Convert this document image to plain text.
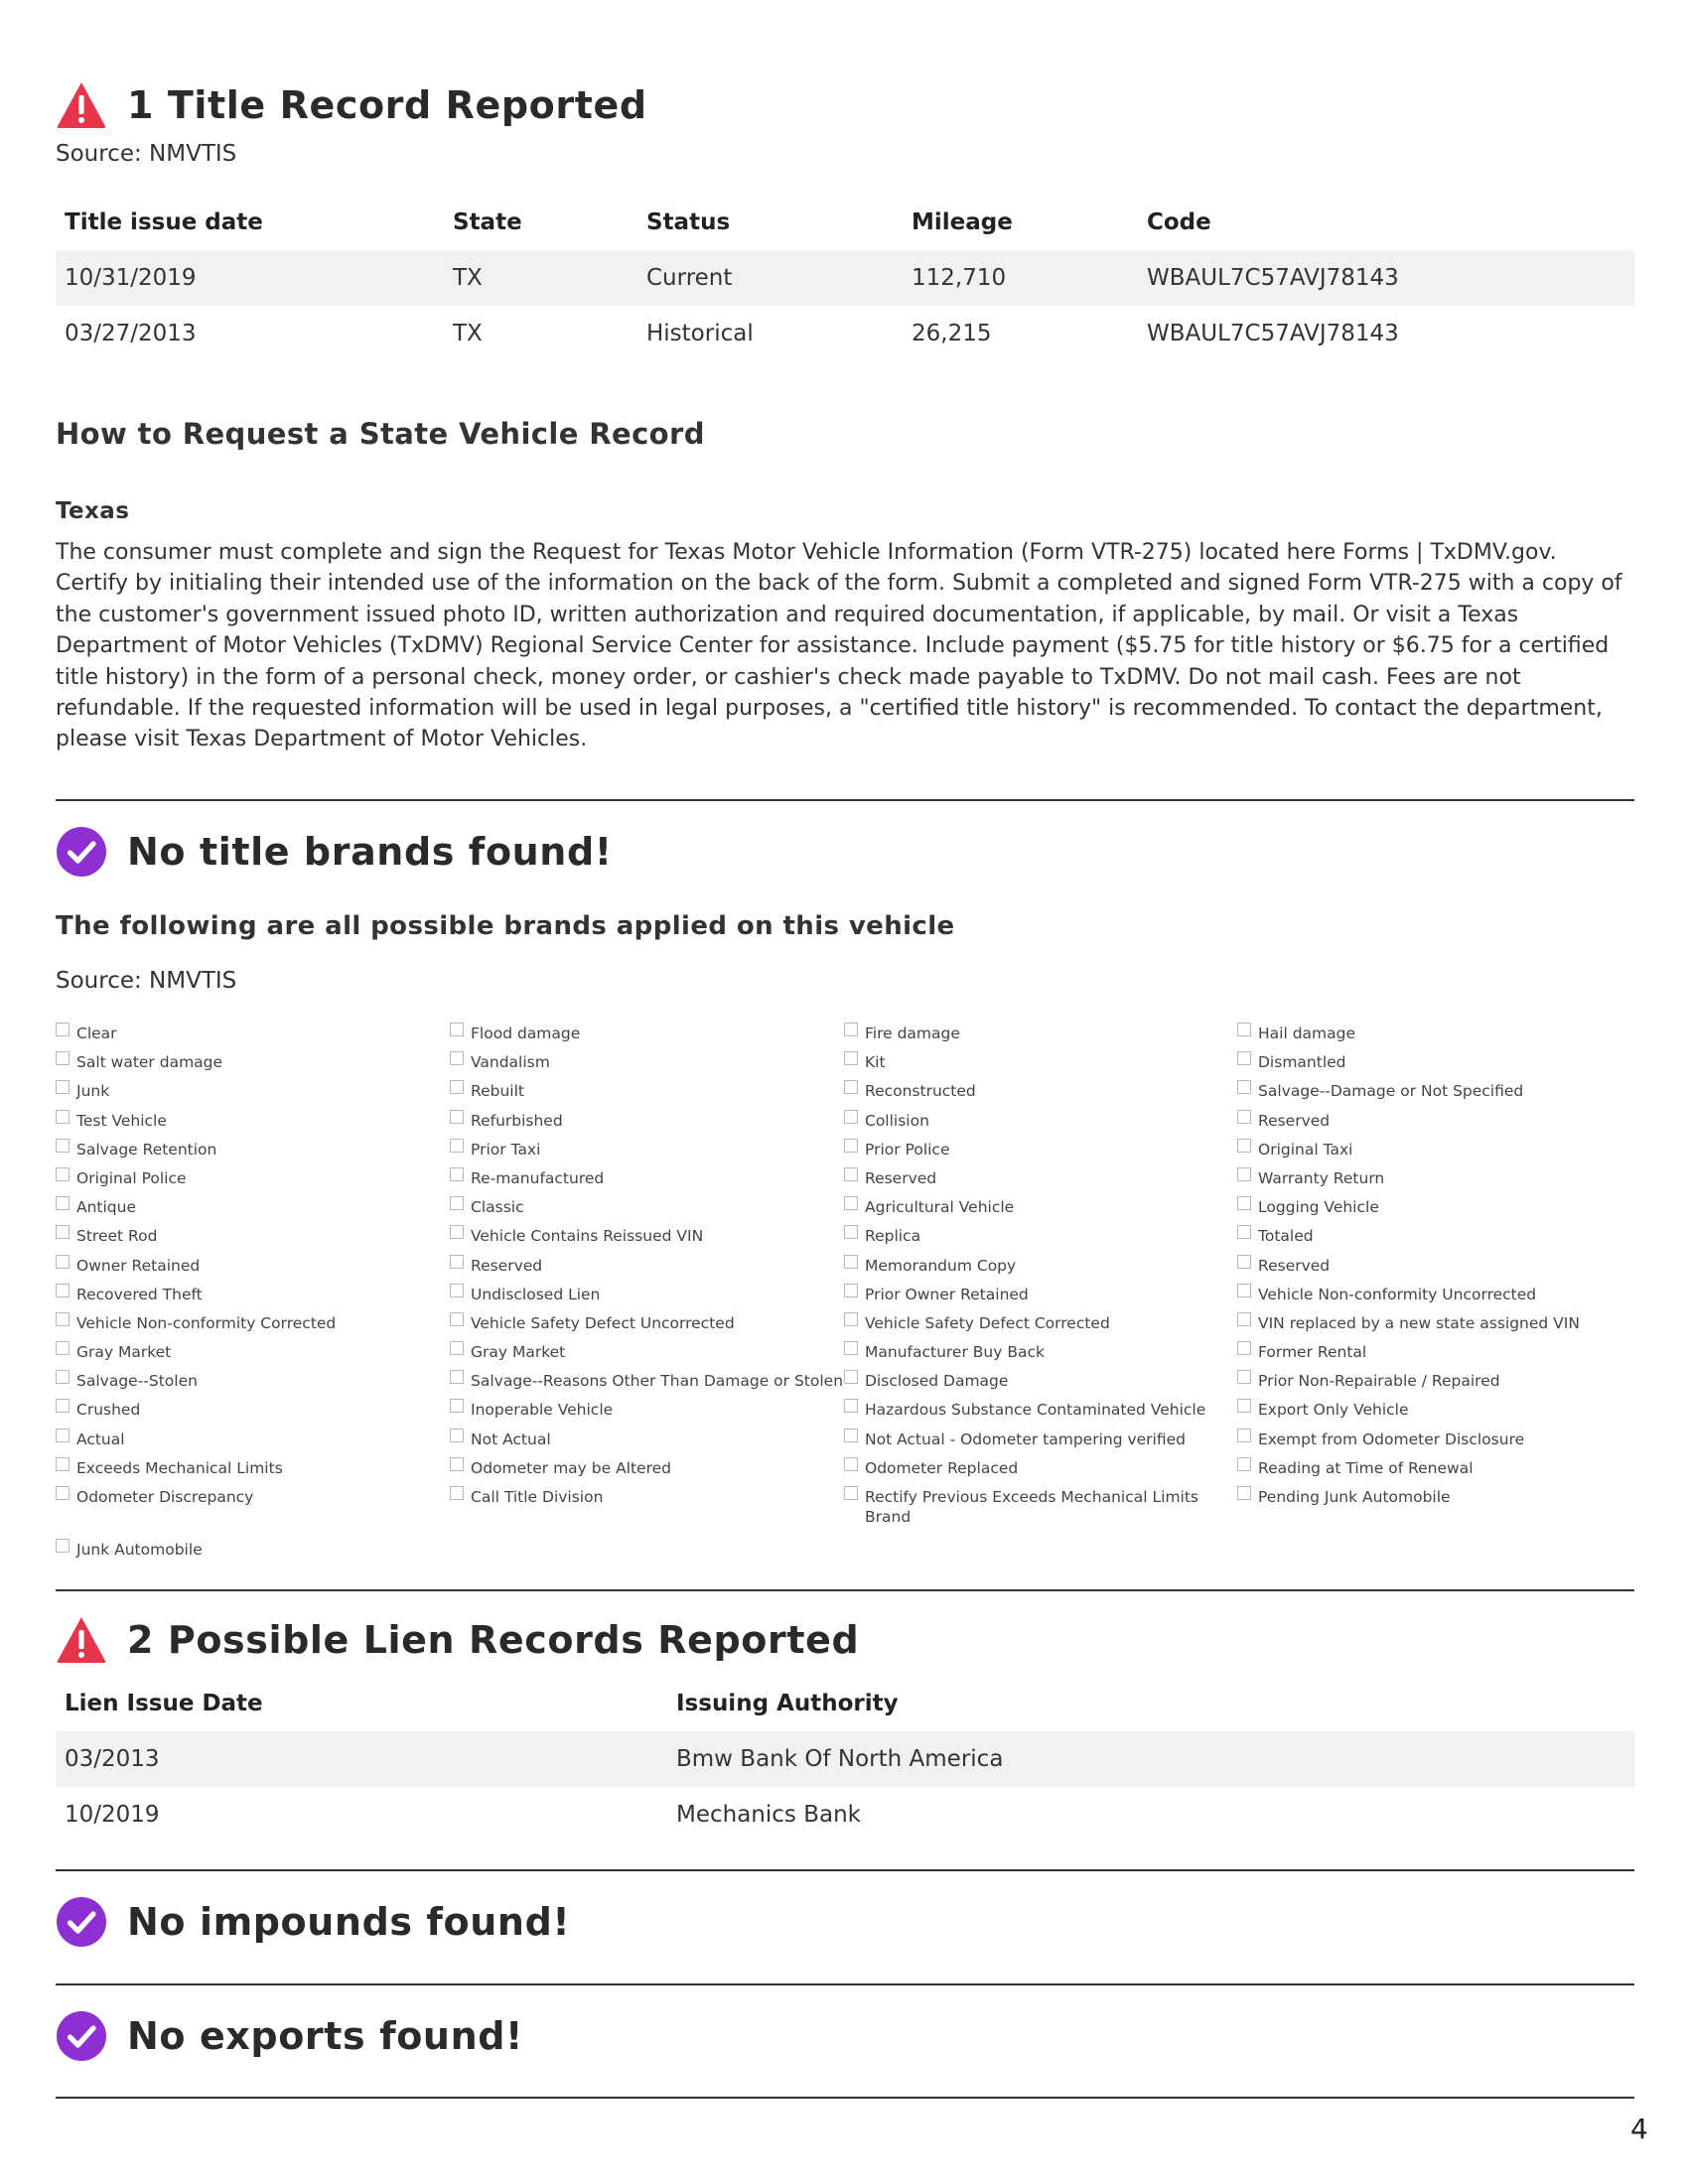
1 Title Record Reported
Source: NMVTIS
Title issue date	State	Status	Mileage	Code
10/31/2019	TX	Current	112,710	WBAUL7C57AVJ78143
03/27/2013	TX	Historical	26,215	WBAUL7C57AVJ78143
How to Request a State Vehicle Record
Texas

The consumer must complete and sign the Request for Texas Motor Vehicle Information (Form VTR-275) located here Forms | TxDMV.gov. Certify by initialing their intended use of the information on the back of the form. Submit a completed and signed Form VTR-275 with a copy of the customer's government issued photo ID, written authorization and required documentation, if applicable, by mail. Or visit a Texas Department of Motor Vehicles (TxDMV) Regional Service Center for assistance. Include payment ($5.75 for title history or $6.75 for a certified title history) in the form of a personal check, money order, or cashier's check made payable to TxDMV. Do not mail cash. Fees are not refundable. If the requested information will be used in legal purposes, a "certified title history" is recommended. To contact the department, please visit Texas Department of Motor Vehicles.

No title brands found!
The following are all possible brands applied on this vehicle
Source: NMVTIS
Clear
Salt water damage
Junk
Test Vehicle
Salvage Retention
Original Police
Antique
Street Rod
Owner Retained
Recovered Theft
Vehicle Non-conformity Corrected
Gray Market
Salvage--Stolen
Crushed
Actual
Exceeds Mechanical Limits
Odometer Discrepancy
Flood damage
Vandalism
Rebuilt
Refurbished
Prior Taxi
Re-manufactured
Classic
Vehicle Contains Reissued VIN
Reserved
Undisclosed Lien
Vehicle Safety Defect Uncorrected
Gray Market
Salvage--Reasons Other Than Damage or Stolen
Inoperable Vehicle
Not Actual
Odometer may be Altered
Call Title Division
Fire damage
Kit
Reconstructed
Collision
Prior Police
Reserved
Agricultural Vehicle
Replica
Memorandum Copy
Prior Owner Retained
Vehicle Safety Defect Corrected
Manufacturer Buy Back
Disclosed Damage
Hazardous Substance Contaminated Vehicle
Not Actual - Odometer tampering verified
Odometer Replaced
Rectify Previous Exceeds Mechanical Limits Brand
Hail damage
Dismantled
Salvage--Damage or Not Specified
Reserved
Original Taxi
Warranty Return
Logging Vehicle
Totaled
Reserved
Vehicle Non-conformity Uncorrected
VIN replaced by a new state assigned VIN
Former Rental
Prior Non-Repairable / Repaired
Export Only Vehicle
Exempt from Odometer Disclosure
Reading at Time of Renewal
Pending Junk Automobile
Junk Automobile
2 Possible Lien Records Reported
Lien Issue Date	Issuing Authority
03/2013	Bmw Bank Of North America
10/2019	Mechanics Bank
No impounds found!
No exports found!
4
